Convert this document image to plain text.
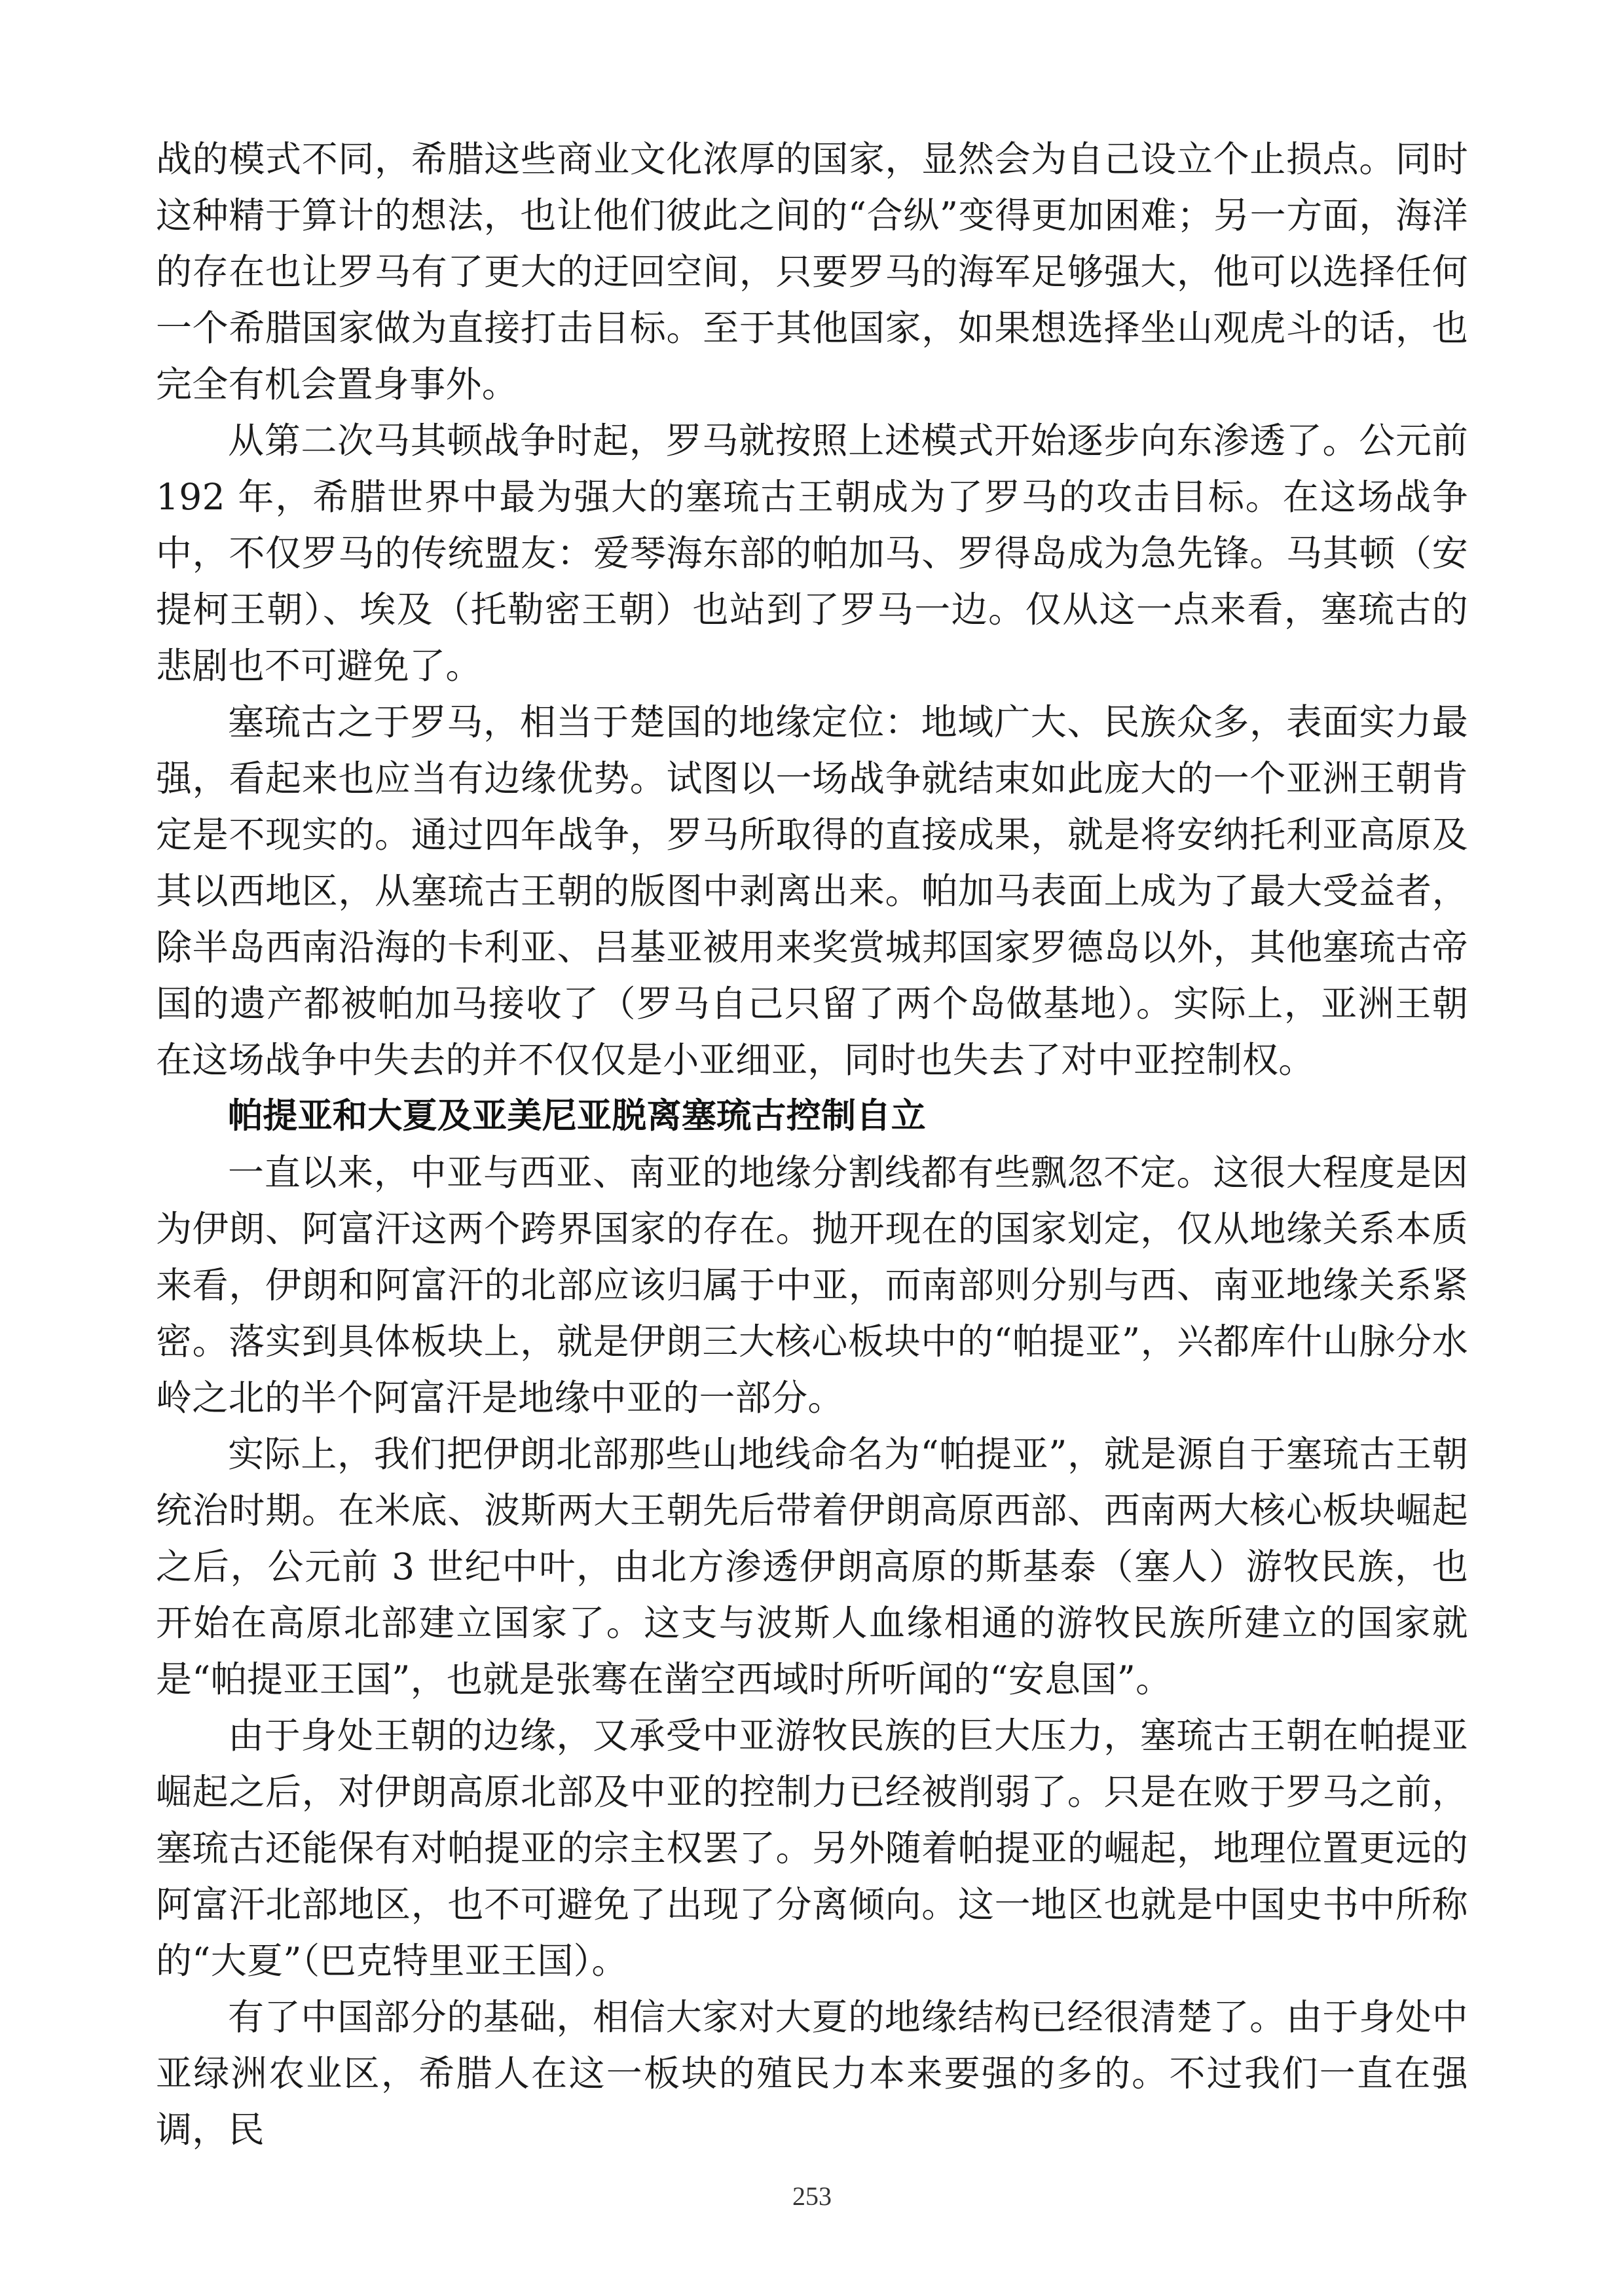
战的模式不同，希腊这些商业文化浓厚的国家，显然会为自己设立个止损点。同时这种精于算计的想法，也让他们彼此之间的“合纵”变得更加困难；另一方面，海洋的存在也让罗马有了更大的迂回空间，只要罗马的海军足够强大，他可以选择任何一个希腊国家做为直接打击目标。至于其他国家，如果想选择坐山观虎斗的话，也完全有机会置身事外。

从第二次马其顿战争时起，罗马就按照上述模式开始逐步向东渗透了。公元前192 年，希腊世界中最为强大的塞琉古王朝成为了罗马的攻击目标。在这场战争中，不仅罗马的传统盟友：爱琴海东部的帕加马、罗得岛成为急先锋。马其顿（安提柯王朝）、埃及（托勒密王朝）也站到了罗马一边。仅从这一点来看，塞琉古的悲剧也不可避免了。

塞琉古之于罗马，相当于楚国的地缘定位：地域广大、民族众多，表面实力最强，看起来也应当有边缘优势。试图以一场战争就结束如此庞大的一个亚洲王朝肯定是不现实的。通过四年战争，罗马所取得的直接成果，就是将安纳托利亚高原及其以西地区，从塞琉古王朝的版图中剥离出来。帕加马表面上成为了最大受益者，除半岛西南沿海的卡利亚、吕基亚被用来奖赏城邦国家罗德岛以外，其他塞琉古帝国的遗产都被帕加马接收了（罗马自己只留了两个岛做基地）。实际上，亚洲王朝在这场战争中失去的并不仅仅是小亚细亚，同时也失去了对中亚控制权。

帕提亚和大夏及亚美尼亚脱离塞琉古控制自立

一直以来，中亚与西亚、南亚的地缘分割线都有些飘忽不定。这很大程度是因为伊朗、阿富汗这两个跨界国家的存在。抛开现在的国家划定，仅从地缘关系本质来看，伊朗和阿富汗的北部应该归属于中亚，而南部则分别与西、南亚地缘关系紧密。落实到具体板块上，就是伊朗三大核心板块中的“帕提亚”，兴都库什山脉分水岭之北的半个阿富汗是地缘中亚的一部分。

实际上，我们把伊朗北部那些山地线命名为“帕提亚”，就是源自于塞琉古王朝统治时期。在米底、波斯两大王朝先后带着伊朗高原西部、西南两大核心板块崛起之后，公元前 3 世纪中叶，由北方渗透伊朗高原的斯基泰（塞人）游牧民族，也开始在高原北部建立国家了。这支与波斯人血缘相通的游牧民族所建立的国家就是“帕提亚王国”，也就是张骞在凿空西域时所听闻的“安息国”。

由于身处王朝的边缘，又承受中亚游牧民族的巨大压力，塞琉古王朝在帕提亚崛起之后，对伊朗高原北部及中亚的控制力已经被削弱了。只是在败于罗马之前，塞琉古还能保有对帕提亚的宗主权罢了。另外随着帕提亚的崛起，地理位置更远的阿富汗北部地区，也不可避免了出现了分离倾向。这一地区也就是中国史书中所称的“大夏”（巴克特里亚王国）。

有了中国部分的基础，相信大家对大夏的地缘结构已经很清楚了。由于身处中亚绿洲农业区，希腊人在这一板块的殖民力本来要强的多的。不过我们一直在强调，民

253
